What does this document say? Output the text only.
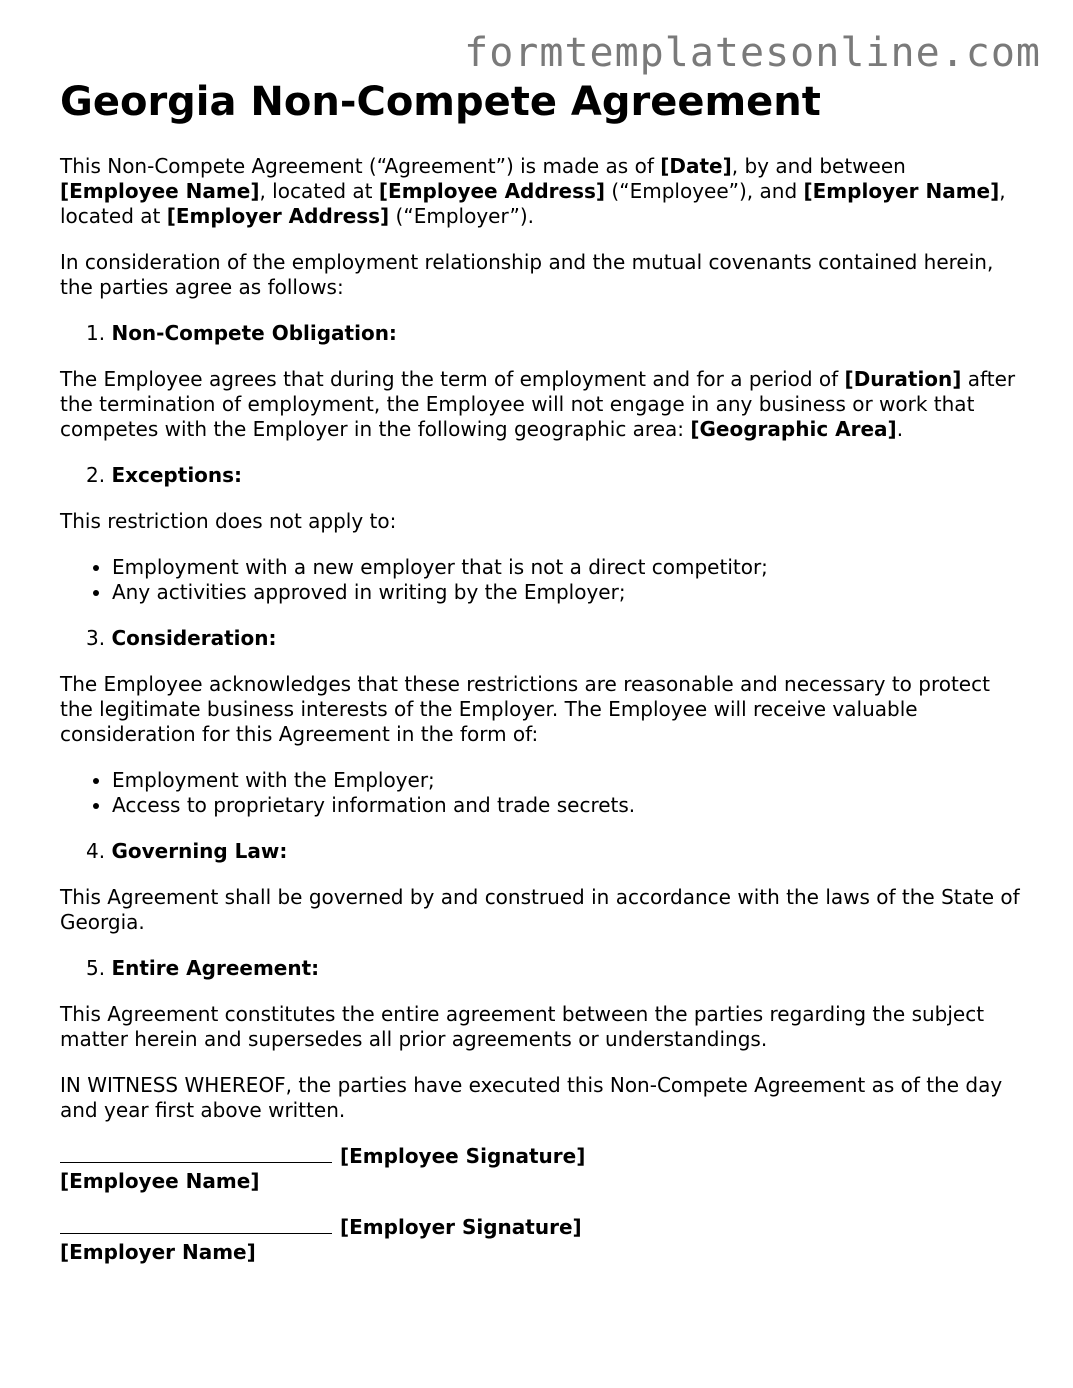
formtemplatesonline.com
Georgia Non-Compete Agreement

This Non-Compete Agreement (“Agreement”) is made as of [Date], by and between [Employee Name], located at [Employee Address] (“Employee”), and [Employer Name], located at [Employer Address] (“Employer”).

In consideration of the employment relationship and the mutual covenants contained herein, the parties agree as follows:

1. Non-Compete Obligation:

The Employee agrees that during the term of employment and for a period of [Duration] after the termination of employment, the Employee will not engage in any business or work that competes with the Employer in the following geographic area: [Geographic Area].

2. Exceptions:

This restriction does not apply to:

• Employment with a new employer that is not a direct competitor;
• Any activities approved in writing by the Employer;
3. Consideration:

The Employee acknowledges that these restrictions are reasonable and necessary to protect the legitimate business interests of the Employer. The Employee will receive valuable consideration for this Agreement in the form of:

• Employment with the Employer;
• Access to proprietary information and trade secrets.
4. Governing Law:

This Agreement shall be governed by and construed in accordance with the laws of the State of Georgia.

5. Entire Agreement:

This Agreement constitutes the entire agreement between the parties regarding the subject matter herein and supersedes all prior agreements or understandings.

IN WITNESS WHEREOF, the parties have executed this Non-Compete Agreement as of the day and year first above written.

[Employee Signature]
[Employee Name]
[Employer Signature]
[Employer Name]
